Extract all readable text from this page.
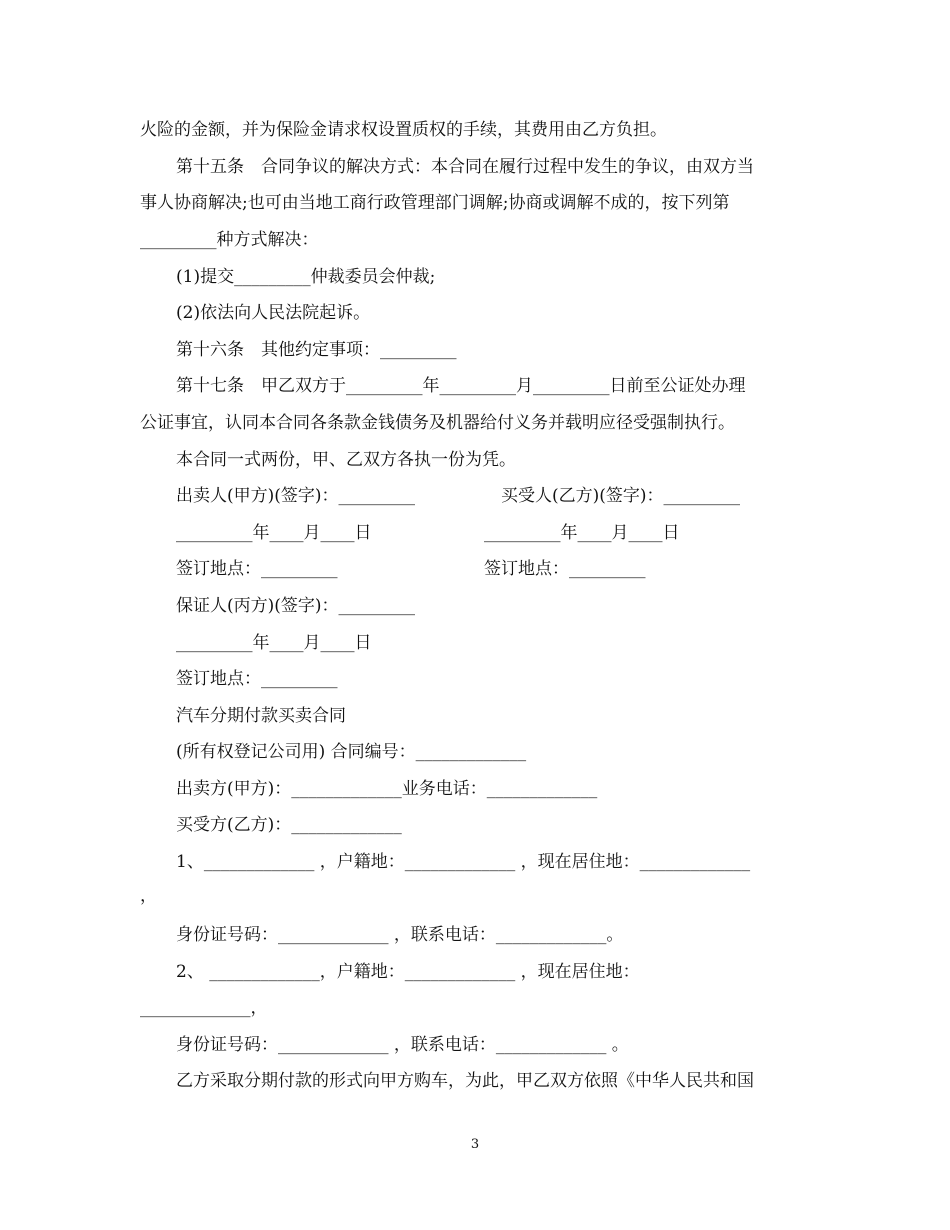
火险的金额，并为保险金请求权设置质权的手续，其费用由乙方负担。
第十五条　合同争议的解决方式：本合同在履行过程中发生的争议，由双方当
事人协商解决;也可由当地工商行政管理部门调解;协商或调解不成的，按下列第
_________种方式解决：
(1)提交_________仲裁委员会仲裁;
(2)依法向人民法院起诉。
第十六条　其他约定事项：_________
第十七条　甲乙双方于_________年_________月_________日前至公证处办理
公证事宜，认同本合同各条款金钱债务及机器给付义务并载明应径受强制执行。
本合同一式两份，甲、乙双方各执一份为凭。
出卖人(甲方)(签字)：_________	买受人(乙方)(签字)：_________
_________年____月____日	_________年____月____日
签订地点：_________	签订地点：_________
保证人(丙方)(签字)：_________
_________年____月____日
签订地点：_________
汽车分期付款买卖合同
(所有权登记公司用) 合同编号：_____________
出卖方(甲方)：_____________业务电话：_____________
买受方(乙方)：_____________
1、_____________ ，户籍地：_____________ ，现在居住地：_____________
，
身份证号码：_____________ ，联系电话：_____________。
2、 _____________，户籍地：_____________ ，现在居住地：
_____________，
身份证号码：_____________ ，联系电话：_____________ 。
乙方采取分期付款的形式向甲方购车，为此，甲乙双方依照《中华人民共和国
3
